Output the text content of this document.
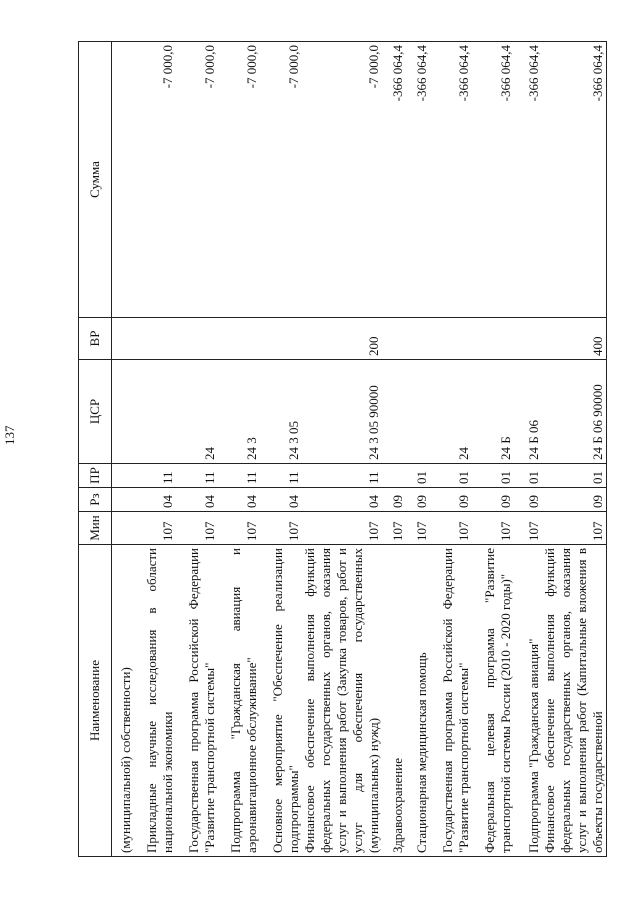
137
Наименование	Мин	Рз	ПР	ЦСР	ВР	Сумма
(муниципальной) собственности)						
Прикладные научные исследования в области национальной экономики	107	04	11			-7 000,0
Государственная программа Российской Федерации "Развитие транспортной системы"	107	04	11	24		-7 000,0
Подпрограмма "Гражданская авиация и аэронавигационное обслуживание"	107	04	11	24 3		-7 000,0
Основное мероприятие "Обеспечение реализации подпрограммы"	107	04	11	24 3 05		-7 000,0
Финансовое обеспечение выполнения функций федеральных государственных органов, оказания услуг и выполнения работ (Закупка товаров, работ и услуг для обеспечения государственных (муниципальных) нужд)	107	04	11	24 3 05 90000	200	-7 000,0
Здравоохранение	107	09				-366 064,4
Стационарная медицинская помощь	107	09	01			-366 064,4
Государственная программа Российской Федерации "Развитие транспортной системы"	107	09	01	24		-366 064,4
Федеральная целевая программа "Развитие транспортной системы России (2010 - 2020 годы)"	107	09	01	24 Б		-366 064,4
Подпрограмма "Гражданская авиация"	107	09	01	24 Б 06		-366 064,4
Финансовое обеспечение выполнения функций федеральных государственных органов, оказания услуг и выполнения работ (Капитальные вложения в объекты государственной	107	09	01	24 Б 06 90000	400	-366 064,4
